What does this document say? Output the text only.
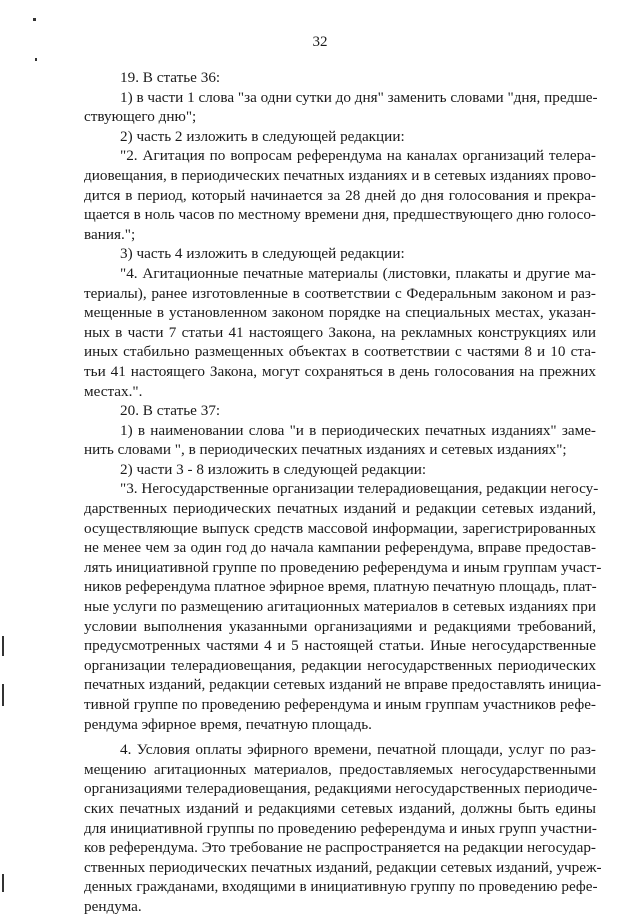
32
19. В статье 36:
1) в части 1 слова "за одни сутки до дня" заменить словами "дня, предше-
ствующего дню";
2) часть 2 изложить в следующей редакции:
"2. Агитация по вопросам референдума на каналах организаций телера-
диовещания, в периодических печатных изданиях и в сетевых изданиях прово-
дится в период, который начинается за 28 дней до дня голосования и прекра-
щается в ноль часов по местному времени дня, предшествующего дню голосо-
вания.";
3) часть 4 изложить в следующей редакции:
"4. Агитационные печатные материалы (листовки, плакаты и другие ма-
териалы), ранее изготовленные в соответствии с Федеральным законом и раз-
мещенные в установленном законом порядке на специальных местах, указан-
ных в части 7 статьи 41 настоящего Закона, на рекламных конструкциях или
иных стабильно размещенных объектах в соответствии с частями 8 и 10 ста-
тьи 41 настоящего Закона, могут сохраняться в день голосования на прежних
местах.".
20. В статье 37:
1) в наименовании слова "и в периодических печатных изданиях" заме-
нить словами ", в периодических печатных изданиях и сетевых изданиях";
2) части 3 - 8 изложить в следующей редакции:
"3. Негосударственные организации телерадиовещания, редакции негосу-
дарственных периодических печатных изданий и редакции сетевых изданий,
осуществляющие выпуск средств массовой информации, зарегистрированных
не менее чем за один год до начала кампании референдума, вправе предостав-
лять инициативной группе по проведению референдума и иным группам участ-
ников референдума платное эфирное время, платную печатную площадь, плат-
ные услуги по размещению агитационных материалов в сетевых изданиях при
условии выполнения указанными организациями и редакциями требований,
предусмотренных частями 4 и 5 настоящей статьи. Иные негосударственные
организации телерадиовещания, редакции негосударственных периодических
печатных изданий, редакции сетевых изданий не вправе предоставлять инициа-
тивной группе по проведению референдума и иным группам участников рефе-
рендума эфирное время, печатную площадь.
4. Условия оплаты эфирного времени, печатной площади, услуг по раз-
мещению агитационных материалов, предоставляемых негосударственными
организациями телерадиовещания, редакциями негосударственных периодиче-
ских печатных изданий и редакциями сетевых изданий, должны быть едины
для инициативной группы по проведению референдума и иных групп участни-
ков референдума. Это требование не распространяется на редакции негосудар-
ственных периодических печатных изданий, редакции сетевых изданий, учреж-
денных гражданами, входящими в инициативную группу по проведению рефе-
рендума.
